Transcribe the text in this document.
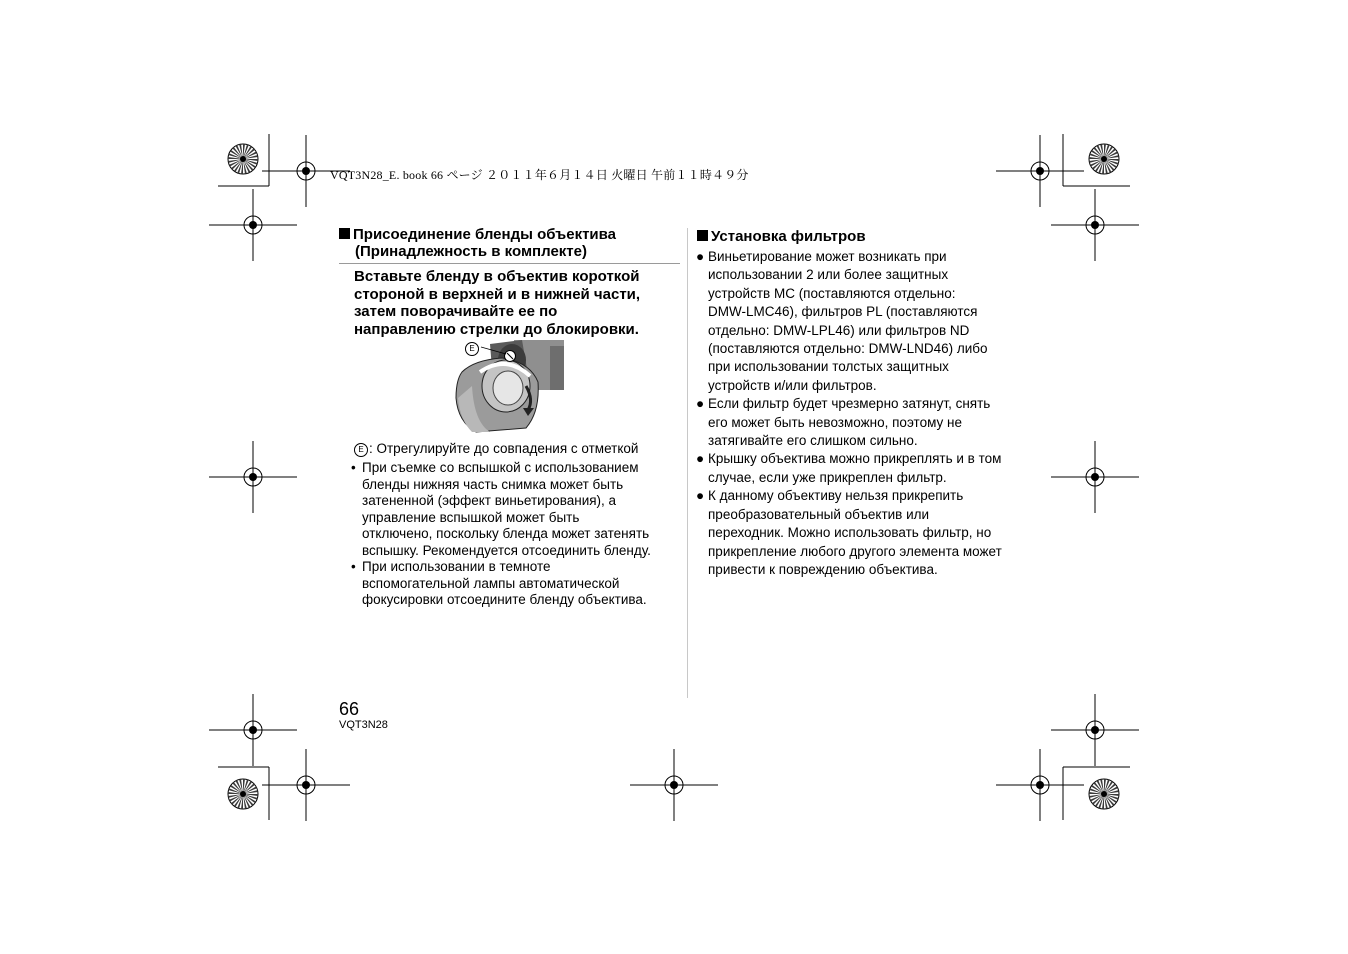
VQT3N28_E. book 66 ページ ２０１１年６月１４日 火曜日 午前１１時４９分
Присоединение бленды объектива
(Принадлежность в комплекте)
Вставьте бленду в объектив короткой
стороной в верхней и в нижней части,
затем поворачивайте ее по
направлению стрелки до блокировки.
E
E : Отрегулируйте до совпадения с отметкой
• При съемке со вспышкой с использованием
бленды нижняя часть снимка может быть
затененной (эффект виньетирования), а
управление вспышкой может быть
отключено, поскольку бленда может затенять
вспышку. Рекомендуется отсоединить бленду.
• При использовании в темноте
вспомогательной лампы автоматической
фокусировки отсоедините бленду объектива.
Установка фильтров
● Виньетирование может возникать при
использовании 2 или более защитных
устройств MC (поставляются отдельно:
DMW-LMC46), фильтров PL (поставляются
отдельно: DMW-LPL46) или фильтров ND
(поставляются отдельно: DMW-LND46) либо
при использовании толстых защитных
устройств и/или фильтров.
● Если фильтр будет чрезмерно затянут, снять
его может быть невозможно, поэтому не
затягивайте его слишком сильно.
● Крышку объектива можно прикреплять и в том
случае, если уже прикреплен фильтр.
● К данному объективу нельзя прикрепить
преобразовательный объектив или
переходник. Можно использовать фильтр, но
прикрепление любого другого элемента может
привести к повреждению объектива.
66
VQT3N28
